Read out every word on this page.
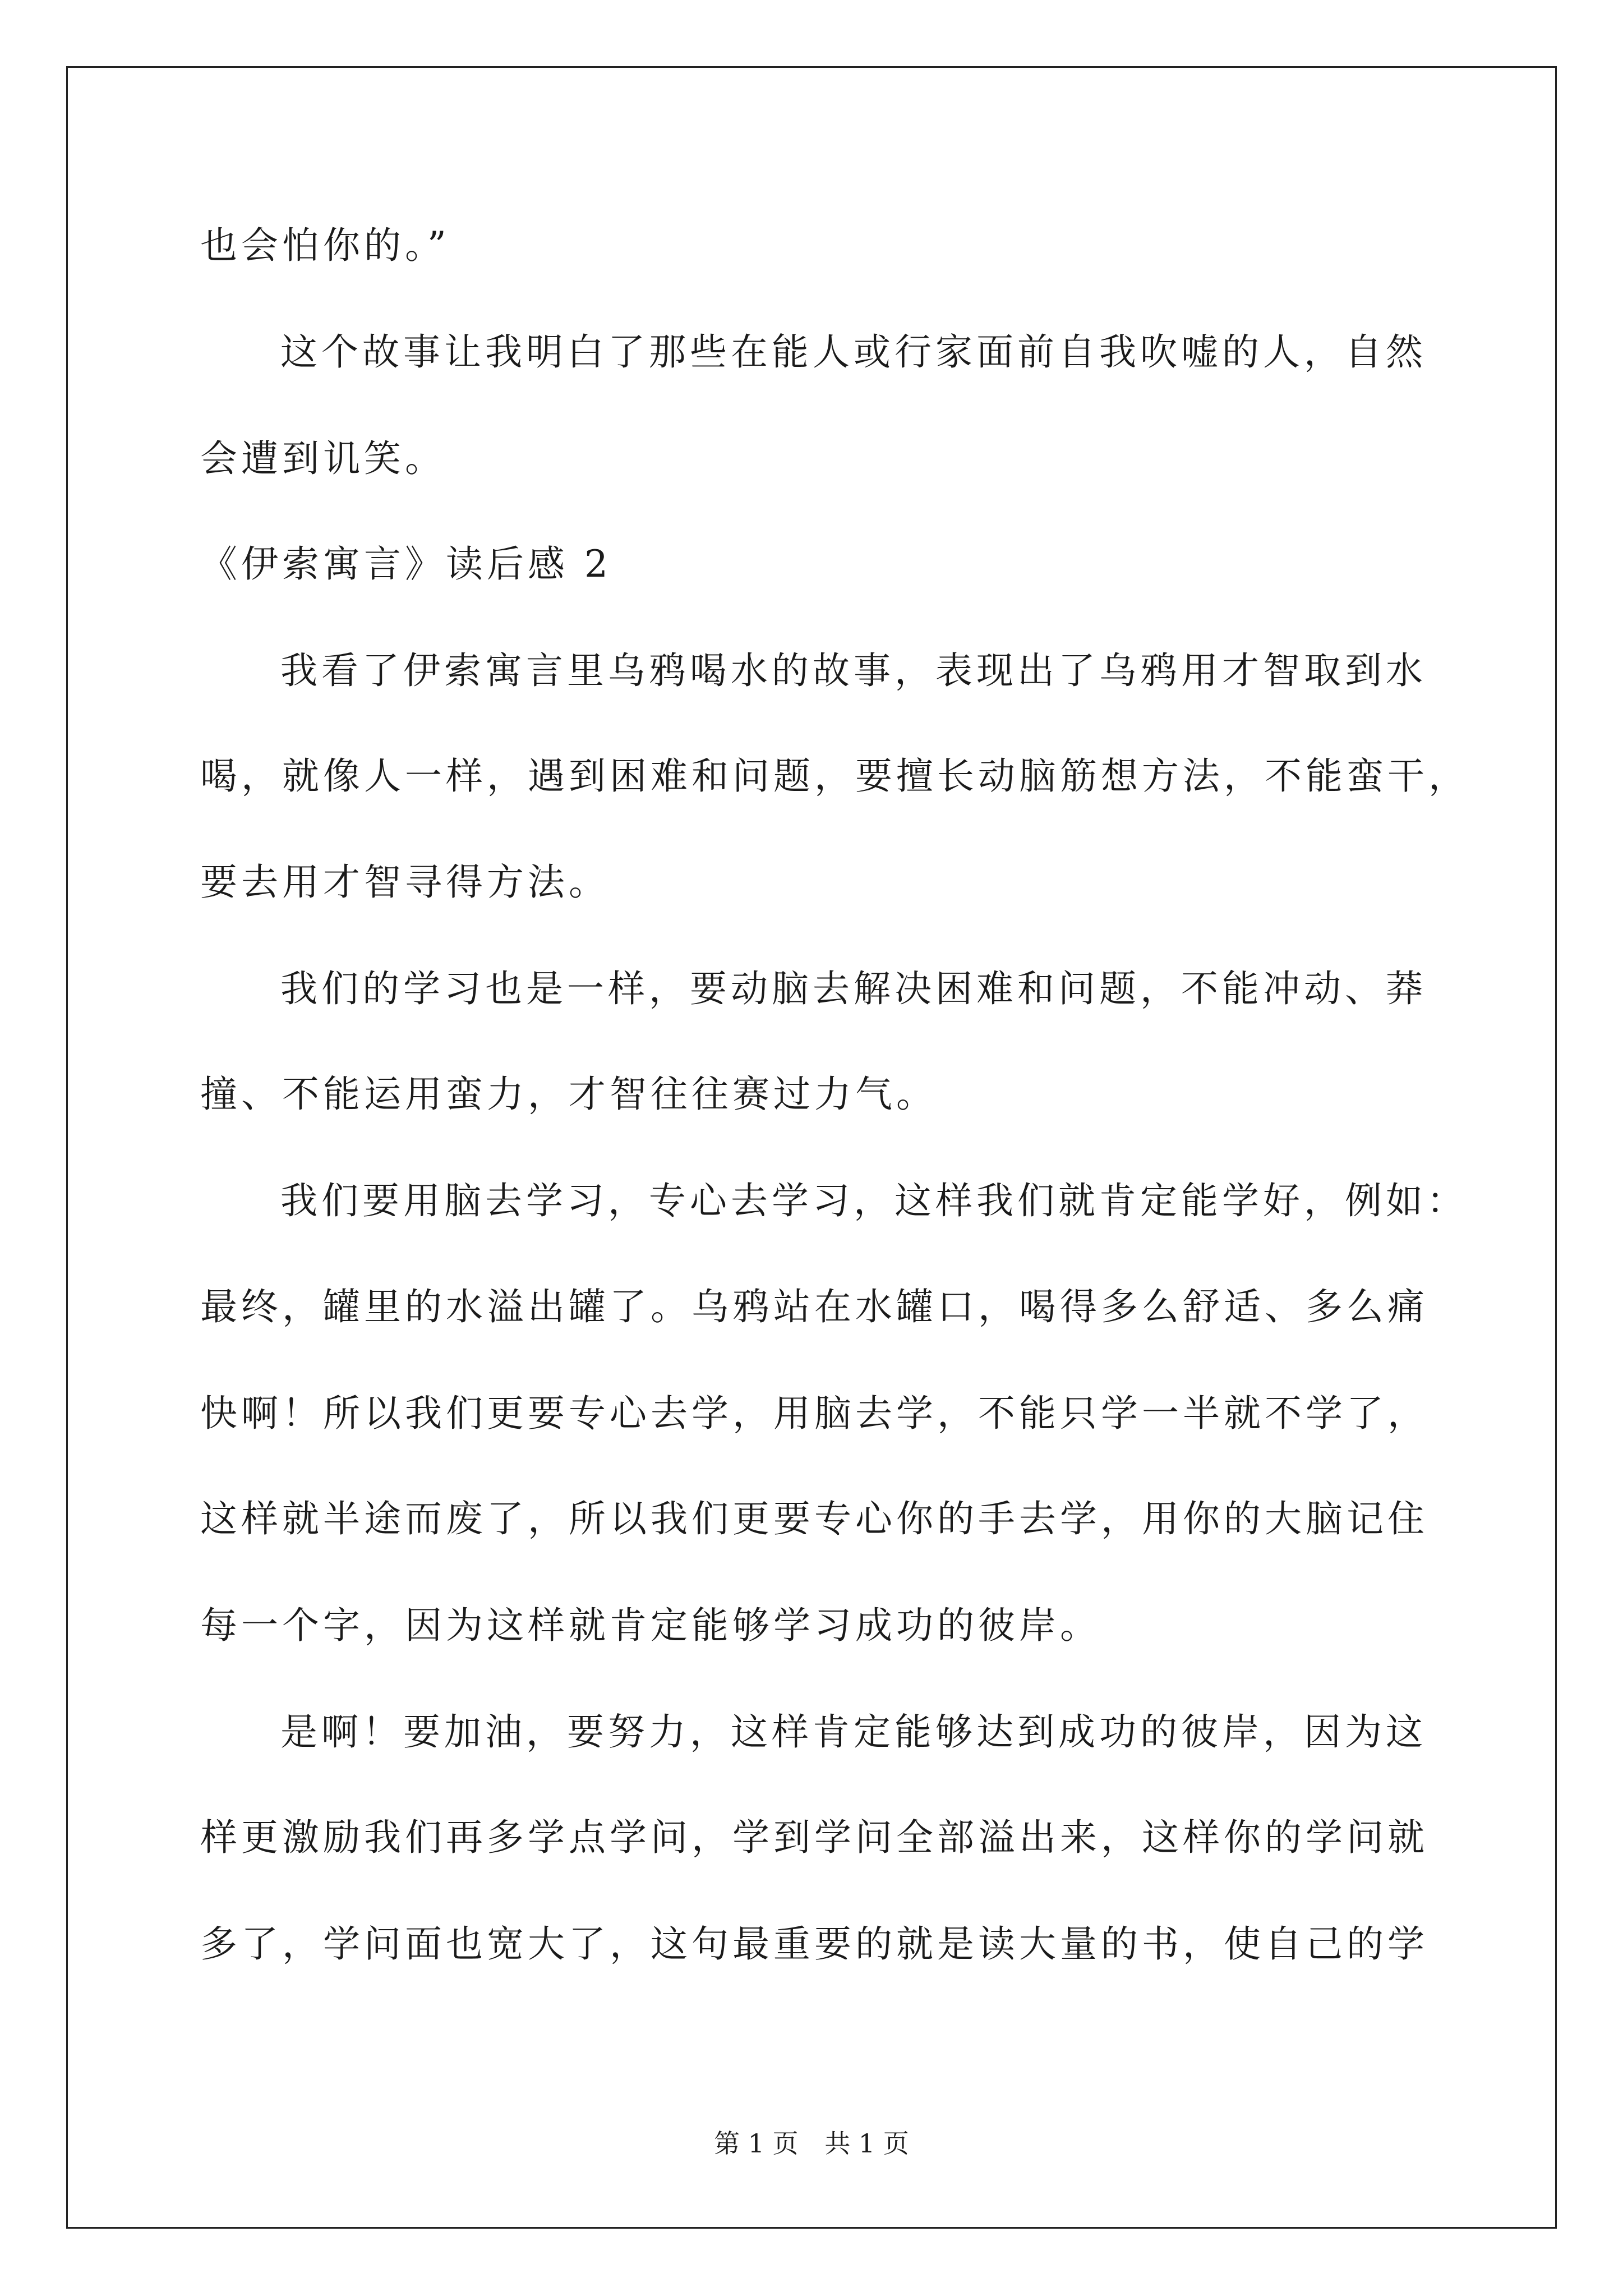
也会怕你的。”
这个故事让我明白了那些在能人或行家面前自我吹嘘的人，自然
会遭到讥笑。
《伊索寓言》读后感 2
我看了伊索寓言里乌鸦喝水的故事，表现出了乌鸦用才智取到水
喝，就像人一样，遇到困难和问题，要擅长动脑筋想方法，不能蛮干，
要去用才智寻得方法。
我们的学习也是一样，要动脑去解决困难和问题，不能冲动、莽
撞、不能运用蛮力，才智往往赛过力气。
我们要用脑去学习，专心去学习，这样我们就肯定能学好，例如：
最终，罐里的水溢出罐了。乌鸦站在水罐口，喝得多么舒适、多么痛
快啊！所以我们更要专心去学，用脑去学，不能只学一半就不学了，
这样就半途而废了，所以我们更要专心你的手去学，用你的大脑记住
每一个字，因为这样就肯定能够学习成功的彼岸。
是啊！要加油，要努力，这样肯定能够达到成功的彼岸，因为这
样更激励我们再多学点学问，学到学问全部溢出来，这样你的学问就
多了，学问面也宽大了，这句最重要的就是读大量的书，使自己的学
第 1 页 共 1 页
